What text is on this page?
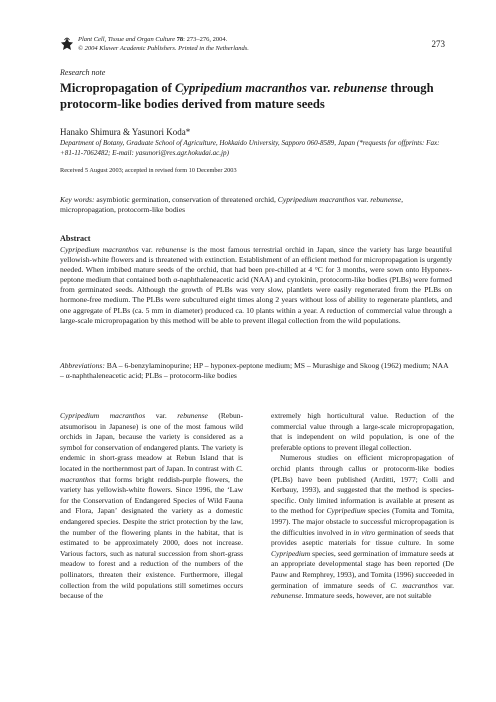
Plant Cell, Tissue and Organ Culture 78: 273–276, 2004.
© 2004 Kluwer Academic Publishers. Printed in the Netherlands.	273
Research note
Micropropagation of Cypripedium macranthos var. rebunense through protocorm-like bodies derived from mature seeds
Hanako Shimura & Yasunori Koda*
Department of Botany, Graduate School of Agriculture, Hokkaido University, Sapporo 060-8589, Japan (*requests for offprints: Fax: +81-11-7062482; E-mail: yasunori@res.agr.hokudai.ac.jp)
Received 5 August 2003; accepted in revised form 10 December 2003
Key words: asymbiotic germination, conservation of threatened orchid, Cypripedium macranthos var. rebunense, micropropagation, protocorm-like bodies
Abstract
Cypripedium macranthos var. rebunense is the most famous terrestrial orchid in Japan, since the variety has large beautiful yellowish-white flowers and is threatened with extinction. Establishment of an efficient method for micropropagation is urgently needed. When imbibed mature seeds of the orchid, that had been pre-chilled at 4 °C for 3 months, were sown onto Hyponex-peptone medium that contained both α-naphthaleneacetic acid (NAA) and cytokinin, protocorm-like bodies (PLBs) were formed from germinated seeds. Although the growth of PLBs was very slow, plantlets were easily regenerated from the PLBs on hormone-free medium. The PLBs were subcultured eight times along 2 years without loss of ability to regenerate plantlets, and one aggregate of PLBs (ca. 5 mm in diameter) produced ca. 10 plants within a year. A reduction of commercial value through a large-scale micropropagation by this method will be able to prevent illegal collection from the wild populations.
Abbreviations: BA – 6-benzylaminopurine; HP – hyponex-peptone medium; MS – Murashige and Skoog (1962) medium; NAA – α-naphthaleneacetic acid; PLBs – protocorm-like bodies

Cypripedium macranthos var. rebunense (Rebun-atsumorisou in Japanese) is one of the most famous wild orchids in Japan, because the variety is considered as a symbol for conservation of endangered plants. The variety is endemic in short-grass meadow at Rebun Island that is located in the northernmost part of Japan. In contrast with C. macranthos that forms bright reddish-purple flowers, the variety has yellowish-white flowers. Since 1996, the ‘Law for the Conservation of Endangered Species of Wild Fauna and Flora, Japan’ designated the variety as a domestic endangered species. Despite the strict protection by the law, the number of the flowering plants in the habitat, that is estimated to be approximately 2000, does not increase. Various factors, such as natural succession from short-grass meadow to forest and a reduction of the numbers of the pollinators, threaten their existence. Furthermore, illegal collection from the wild populations still sometimes occurs because of the

extremely high horticultural value. Reduction of the commercial value through a large-scale micropropagation, that is independent on wild population, is one of the preferable options to prevent illegal collection.

Numerous studies on efficient micropropagation of orchid plants through callus or protocorm-like bodies (PLBs) have been published (Arditti, 1977; Colli and Kerbauy, 1993), and suggested that the method is species-specific. Only limited information is available at present as to the method for Cypripedium species (Tomita and Tomita, 1997). The major obstacle to successful micropropagation is the difficulties involved in in vitro germination of seeds that provides aseptic materials for tissue culture. In some Cypripedium species, seed germination of immature seeds at an appropriate developmental stage has been reported (De Pauw and Remphrey, 1993), and Tomita (1996) succeeded in germination of immature seeds of C. macranthos var. rebunense. Immature seeds, however, are not suitable
